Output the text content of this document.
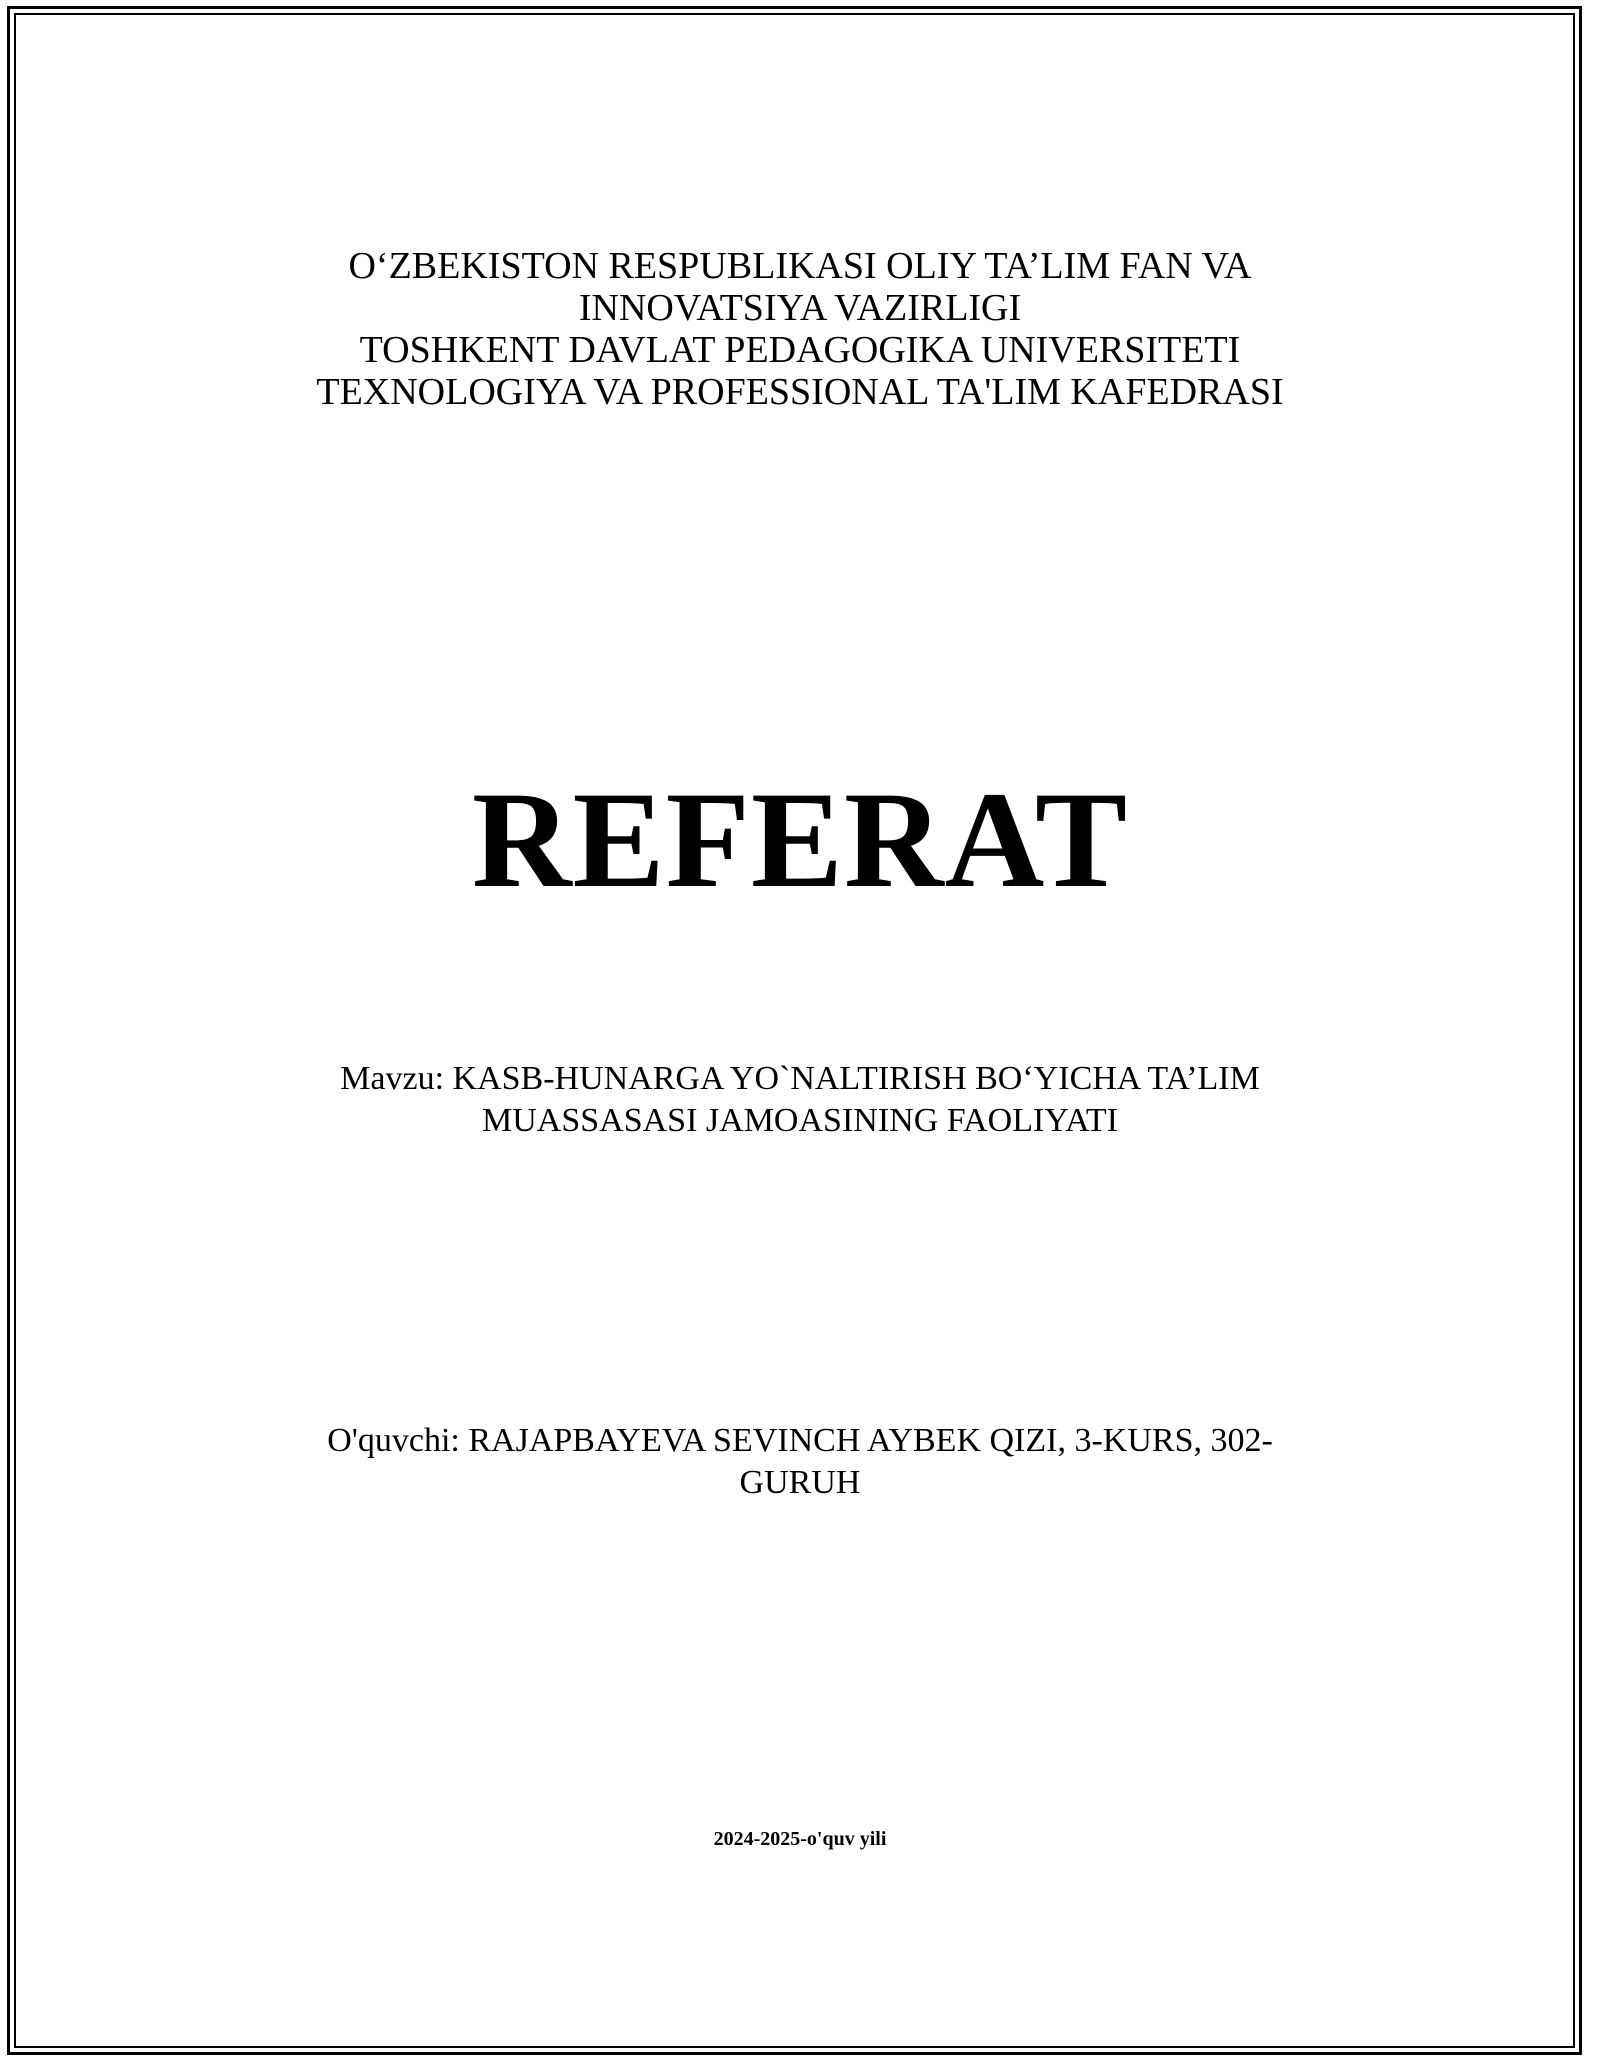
O‘ZBEKISTON RESPUBLIKASI OLIY TA’LIM FAN VA
INNOVATSIYA VAZIRLIGI
TOSHKENT DAVLAT PEDAGOGIKA UNIVERSITETI
TEXNOLOGIYA VA PROFESSIONAL TA'LIM KAFEDRASI
REFERAT
Mavzu: KASB-HUNARGA YO`NALTIRISH BO‘YICHA TA’LIM
MUASSASASI JAMOASINING FAOLIYATI
O'quvchi: RAJAPBAYEVA SEVINCH AYBEK QIZI, 3-KURS, 302-
GURUH
2024-2025-o'quv yili
